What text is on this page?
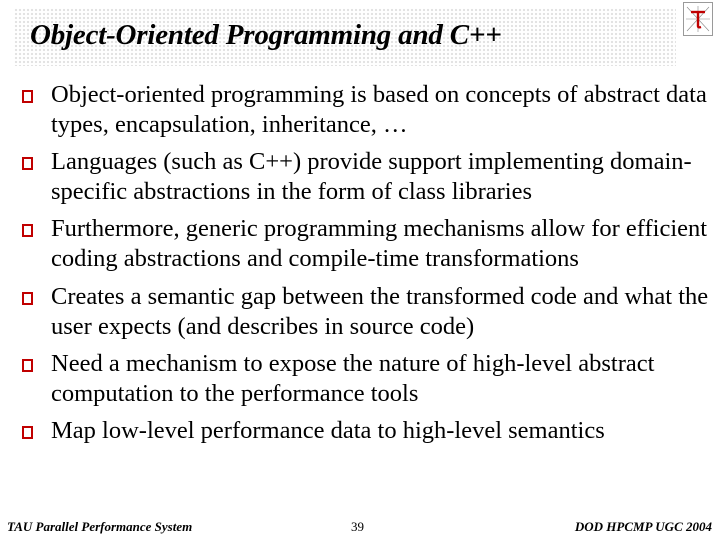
Object-Oriented Programming and C++
Object-oriented programming is based on concepts of abstract data types, encapsulation, inheritance, …
Languages (such as C++) provide support implementing domain-specific abstractions in the form of class libraries
Furthermore, generic programming mechanisms allow for efficient coding abstractions and compile-time transformations
Creates a semantic gap between the transformed code and what the user expects (and describes in source code)
Need a mechanism to expose the nature of high-level abstract computation to the performance tools
Map low-level performance data to high-level semantics
TAU Parallel Performance System	39	DOD HPCMP UGC 2004
